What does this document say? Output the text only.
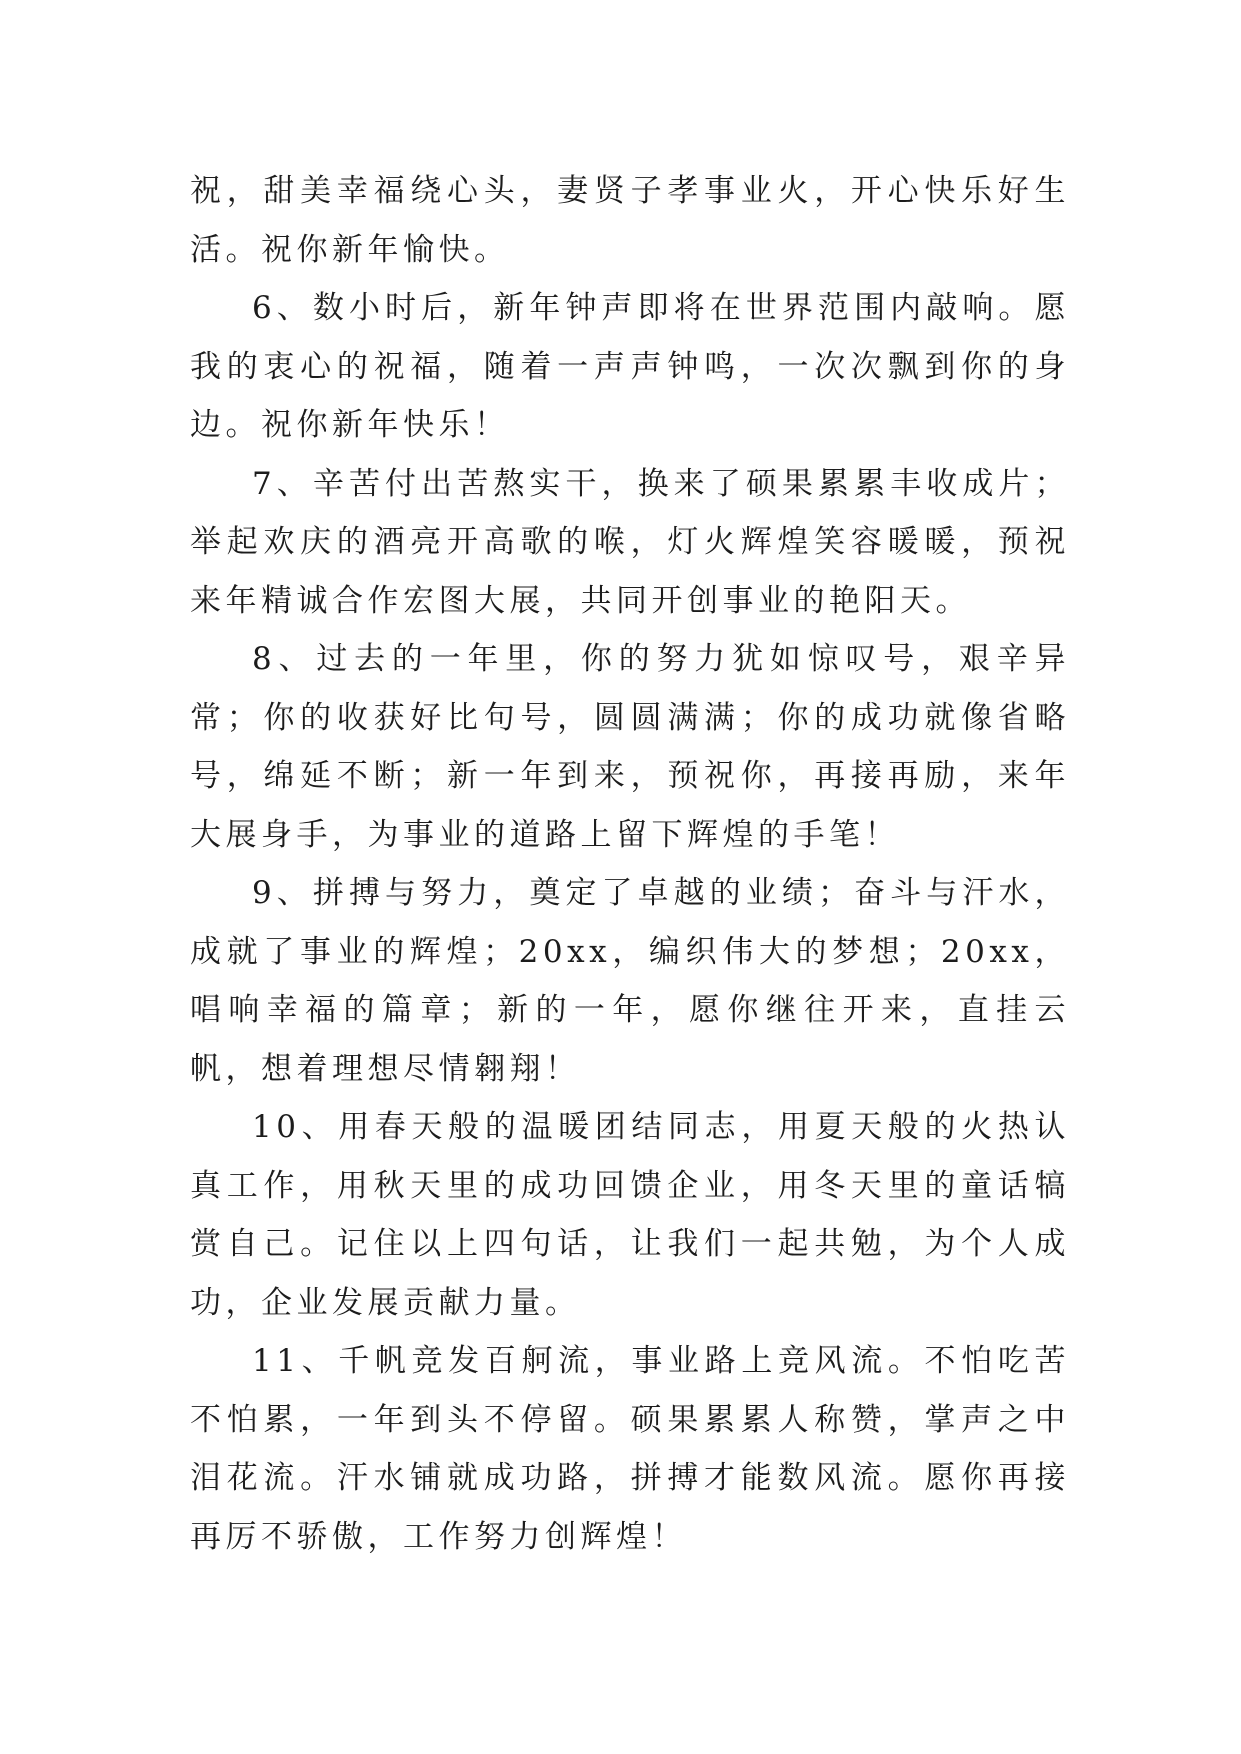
祝，甜美幸福绕心头，妻贤子孝事业火，开心快乐好生活。祝你新年愉快。

6、数小时后，新年钟声即将在世界范围内敲响。愿我的衷心的祝福，随着一声声钟鸣，一次次飘到你的身边。祝你新年快乐！

7、辛苦付出苦熬实干，换来了硕果累累丰收成片；举起欢庆的酒亮开高歌的喉，灯火辉煌笑容暖暖，预祝来年精诚合作宏图大展，共同开创事业的艳阳天。

8、过去的一年里，你的努力犹如惊叹号，艰辛异常；你的收获好比句号，圆圆满满；你的成功就像省略号，绵延不断；新一年到来，预祝你，再接再励，来年大展身手，为事业的道路上留下辉煌的手笔！

9、拼搏与努力，奠定了卓越的业绩；奋斗与汗水，成就了事业的辉煌；20xx，编织伟大的梦想；20xx，唱响幸福的篇章；新的一年，愿你继往开来，直挂云帆，想着理想尽情翱翔！

10、用春天般的温暖团结同志，用夏天般的火热认真工作，用秋天里的成功回馈企业，用冬天里的童话犒赏自己。记住以上四句话，让我们一起共勉，为个人成功，企业发展贡献力量。

11、千帆竞发百舸流，事业路上竞风流。不怕吃苦不怕累，一年到头不停留。硕果累累人称赞，掌声之中泪花流。汗水铺就成功路，拼搏才能数风流。愿你再接再厉不骄傲，工作努力创辉煌！
